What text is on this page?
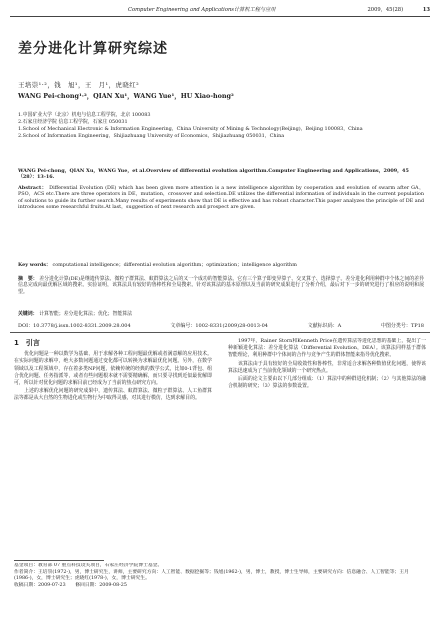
Computer Engineering and Applications计算机工程与应用	2009，45(28)	13
差分进化计算研究综述
王培崇¹·²，钱　旭¹，王　月¹，虎晓红²
WANG Pei-chong¹·²，QIAN Xu¹，WANG Yue¹，HU Xiao-hong²
1.中国矿业大学（北京）机电与信息工程学院，北京 100083
2.石家庄经济学院 信息工程学院，石家庄 050031
1.School of Mechanical Electronic & Information Engineering，China University of Mining & Technology(Beijing)，Beijing 100083，China
2.School of Information Engineering，Shijiazhuang University of Economics，Shijiazhuang 050031，China
WANG Pei-chong，QIAN Xu，WANG Yue，et al.Overview of differential evolution algorithm.Computer Engineering and Applications，2009，45（28）：13-16.
Abstract： Differential Evolution (DE) which has been given more attention is a new intelligence algorithm by cooperation and evolution of swarm after GA，PSO，ACS etc.There are three operators in DE，mutation，crossover and selection.DE utilizes the differential information of individuals in the current population of solutions to guide its further search.Many results of experiments show that DE is effective and has robust character.This paper analyzes the principle of DE and introduces some researchful fruits.At last，suggestion of next research and prospect are given.
Key words： computational intelligence；differential evolution algorithm；optimization；intelligence algorithm
摘　要： 差分进化计算(DE)是继遗传算法、微粒子群算法、蚁群算法之后的又一个成功的智能算法。它有三个算子即变异算子、交叉算子、选择算子。差分进化利用种群中个体之间的差异信息完成向最优解区域的搜索。实验证明，该算法具有较好的鲁棒性和全局搜索。针对该算法的基本原理以及当前的研究成果进行了分析介绍，最后对下一步的研究进行了相应的说明和展望。
关键词： 计算智能；差分进化算法；优化；智能算法
DOI：10.3778/j.issn.1002-8331.2009.28.004	文章编号：1002-8331(2009)28-0013-04	文献标识码：A	中图分类号：TP18
1　引言

优化问题是一种以数学为基础，用于求解各种工程问题最优解或者满意解的应用技术。在实际问题的求解中，绝大多数问题通过变化都可以转换为求解最优化问题。另外，在数学领域以及工程领域中，存在着多类NP问题，依赖传统的经典的数学公式，比如0-1背包、组合优化问题、任务指派等，或者有些问题根本就不需要精确解，而只要寻找到近似最优解即可，所以针对优化问题的求解目前已经成为了当前的热点研究方向。

上述的求解优化问题的研究成果中，遗传算法、蚁群算法、微粒子群算法、人工鱼群算法等都是从大自然的生物进化或生物行为中取得灵感，对其进行模仿，达到求解目的。

1997年，Rainer Storn和Kenneth Price在遗传算法等进化思想的基础上，提出了一种新颖进化算法：差分进化算法（Differential Evolution，DEA）。该算法同样基于群体智能理论，利用种群中个体间的合作与竞争产生的群体智能来指导优化搜索。

该算法由于具有较好的全局收敛性和鲁棒性，非常适合求解各种数值优化问题，使得该算法迅速成为了当前优化领域的一个研究热点。

后面的论文主要由以下几部分组成：（1）算法中的种群进化机制；（2）与其他算法的融合机制的研究；（3）算法的参数设置。

基金项目：教育部 07 重点科技攻关项目，石家庄经济学院博士基金。
作者简介：王培崇(1972-)，男，博士研究生，讲师，主要研究方向：人工智能、数据挖掘等；钱旭(1962-)，男，博士，教授，博士生导师，主要研究方向：信息融合、人工智能等；王月(1986-)，女，博士研究生；虎晓红(1978-)，女，博士研究生。
收稿日期：2009-07-23　　修回日期：2009-08-25
